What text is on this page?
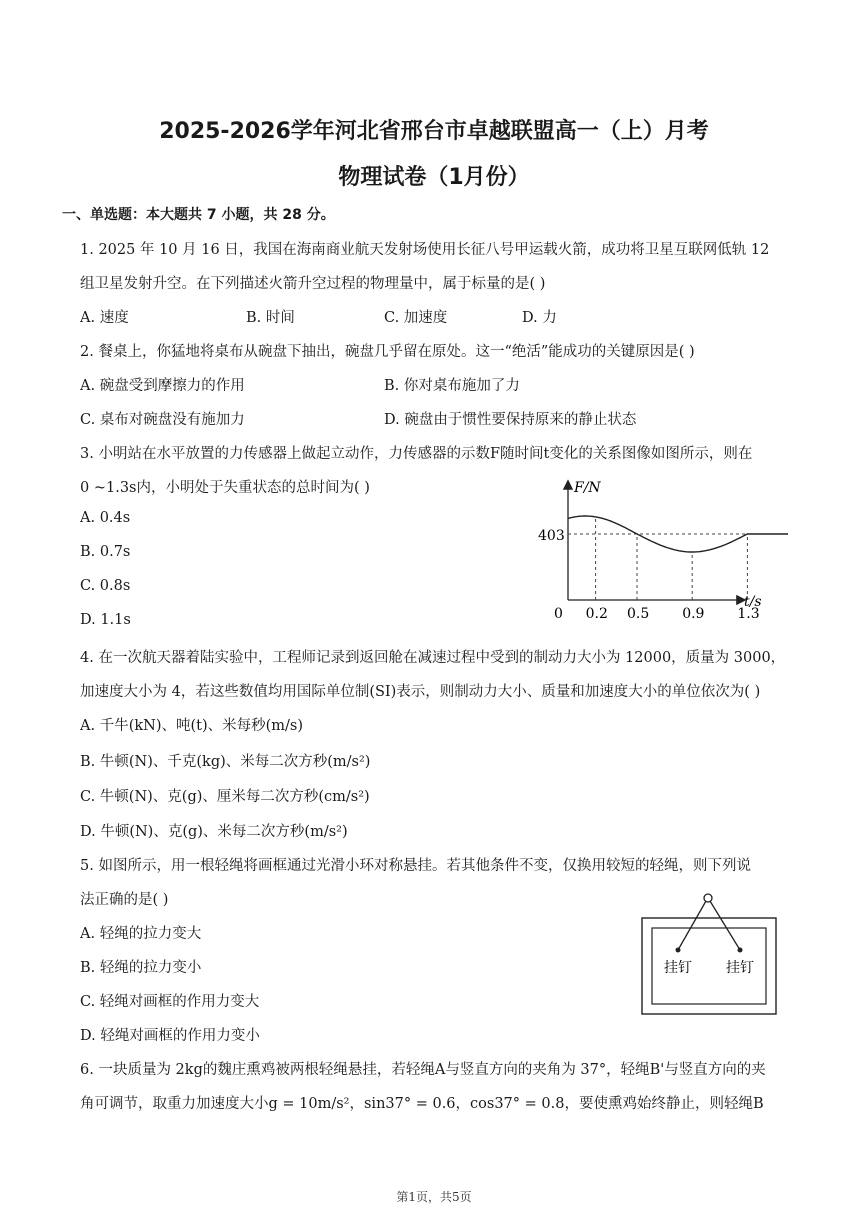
2025-2026学年河北省邢台市卓越联盟高一（上）月考
物理试卷（1月份）
一、单选题：本大题共 7 小题，共 28 分。
1. 2025 年 10 月 16 日，我国在海南商业航天发射场使用长征八号甲运载火箭，成功将卫星互联网低轨 12
组卫星发射升空。在下列描述火箭升空过程的物理量中，属于标量的是( )
A. 速度	B. 时间	C. 加速度	D. 力
2. 餐桌上，你猛地将桌布从碗盘下抽出，碗盘几乎留在原处。这一“绝活”能成功的关键原因是( )
A. 碗盘受到摩擦力的作用	B. 你对桌布施加了力
C. 桌布对碗盘没有施加力	D. 碗盘由于惯性要保持原来的静止状态
3. 小明站在水平放置的力传感器上做起立动作，力传感器的示数F随时间t变化的关系图像如图所示，则在
0 ~1.3s内，小明处于失重状态的总时间为( )
A. 0.4s
B. 0.7s
C. 0.8s
D. 1.1s
F/N
t/s
403
0 0.2 0.5 0.9 1.3
4. 在一次航天器着陆实验中，工程师记录到返回舱在减速过程中受到的制动力大小为 12000，质量为 3000，
加速度大小为 4，若这些数值均用国际单位制(SI)表示，则制动力大小、质量和加速度大小的单位依次为( )
A. 千牛(kN)、吨(t)、米每秒(m/s)
B. 牛顿(N)、千克(kg)、米每二次方秒(m/s²)
C. 牛顿(N)、克(g)、厘米每二次方秒(cm/s²)
D. 牛顿(N)、克(g)、米每二次方秒(m/s²)
5. 如图所示，用一根轻绳将画框通过光滑小环对称悬挂。若其他条件不变，仅换用较短的轻绳，则下列说
法正确的是( )
A. 轻绳的拉力变大
B. 轻绳的拉力变小
C. 轻绳对画框的作用力变大
D. 轻绳对画框的作用力变小
挂钉 挂钉
6. 一块质量为 2kg的魏庄熏鸡被两根轻绳悬挂，若轻绳A与竖直方向的夹角为 37°，轻绳B'与竖直方向的夹
角可调节，取重力加速度大小g = 10m/s²，sin37° = 0.6，cos37° = 0.8，要使熏鸡始终静止，则轻绳B
第1页，共5页
